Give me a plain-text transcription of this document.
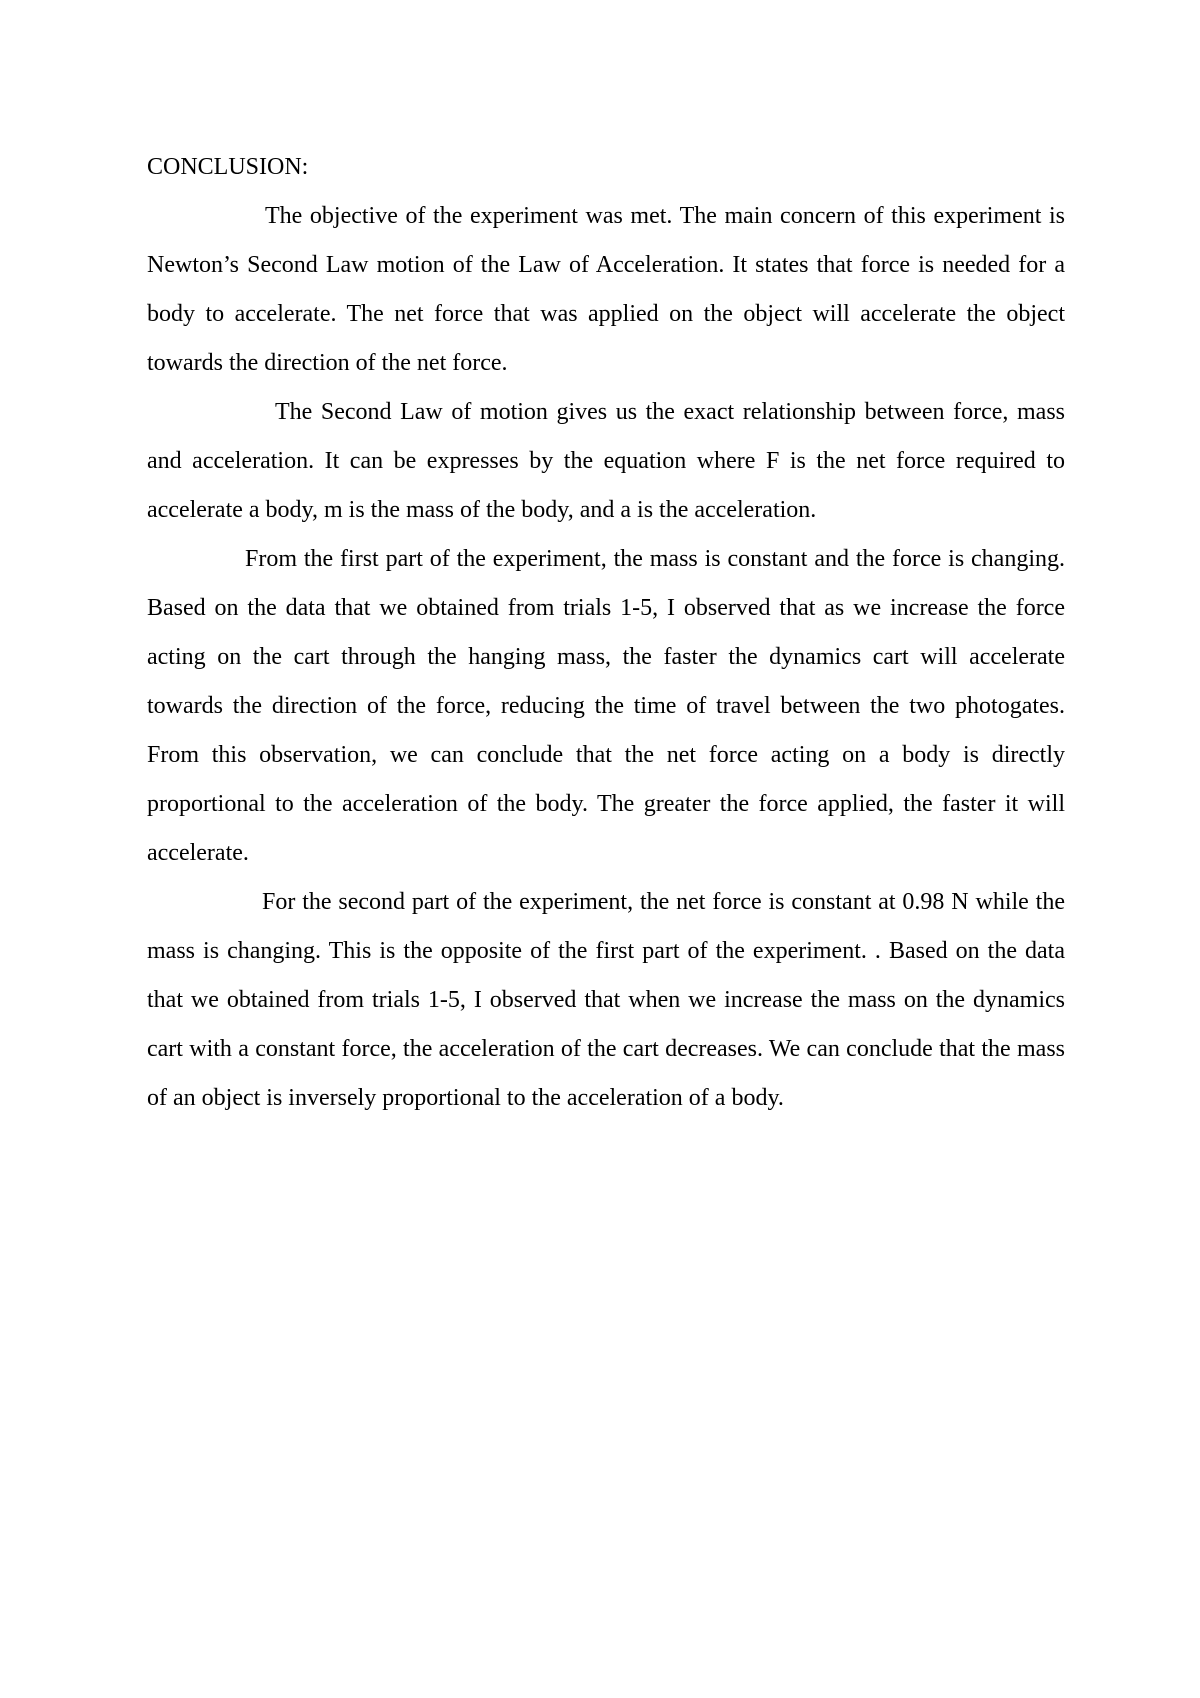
CONCLUSION:

The objective of the experiment was met. The main concern of this experiment is Newton’s Second Law motion of the Law of Acceleration. It states that force is needed for a body to accelerate. The net force that was applied on the object will accelerate the object towards the direction of the net force.

The Second Law of motion gives us the exact relationship between force, mass and acceleration. It can be expresses by the equation where F is the net force required to accelerate a body, m is the mass of the body, and a is the acceleration.

From the first part of the experiment, the mass is constant and the force is changing. Based on the data that we obtained from trials 1-5, I observed that as we increase the force acting on the cart through the hanging mass, the faster the dynamics cart will accelerate towards the direction of the force, reducing the time of travel between the two photogates. From this observation, we can conclude that the net force acting on a body is directly proportional to the acceleration of the body. The greater the force applied, the faster it will accelerate.

For the second part of the experiment, the net force is constant at 0.98 N while the mass is changing. This is the opposite of the first part of the experiment. . Based on the data that we obtained from trials 1-5, I observed that when we increase the mass on the dynamics cart with a constant force, the acceleration of the cart decreases. We can conclude that the mass of an object is inversely proportional to the acceleration of a body.
